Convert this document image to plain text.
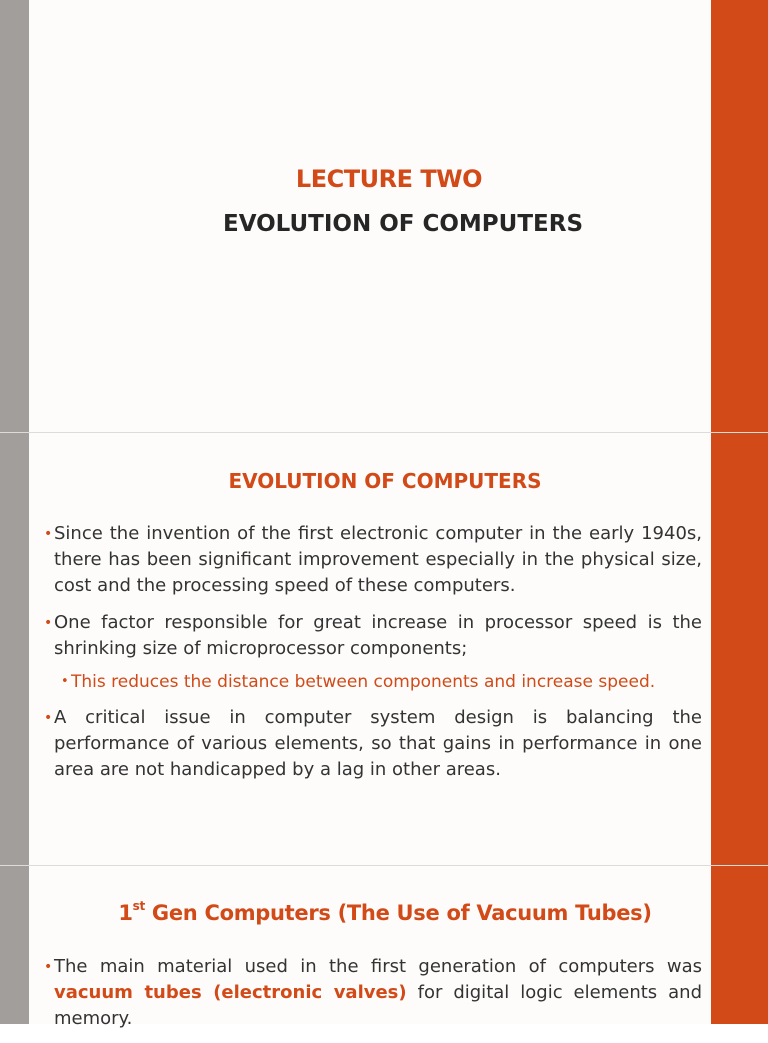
LECTURE TWO
EVOLUTION OF COMPUTERS
EVOLUTION OF COMPUTERS
• Since the invention of the first electronic computer in the early 1940s, there has been significant improvement especially in the physical size, cost and the processing speed of these computers.
• One factor responsible for great increase in processor speed is the shrinking size of microprocessor components;
• This reduces the distance between components and increase speed.
• A critical issue in computer system design is balancing the performance of various elements, so that gains in performance in one area are not handicapped by a lag in other areas.
1st Gen Computers (The Use of Vacuum Tubes)
• The main material used in the first generation of computers was vacuum tubes (electronic valves) for digital logic elements and memory.
